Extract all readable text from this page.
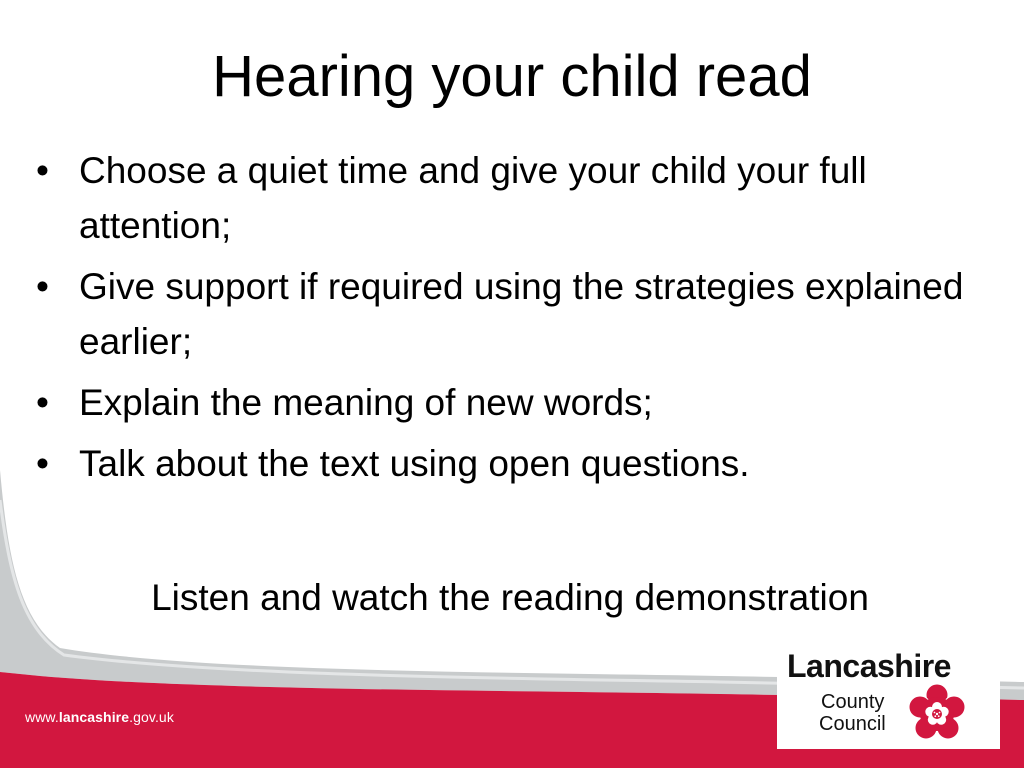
Hearing your child read
• Choose a quiet time and give your child your full attention;
• Give support if required using the strategies explained earlier;
• Explain the meaning of new words;
• Talk about the text using open questions.
Listen and watch the reading demonstration
www.lancashire.gov.uk
Lancashire
County
Council
